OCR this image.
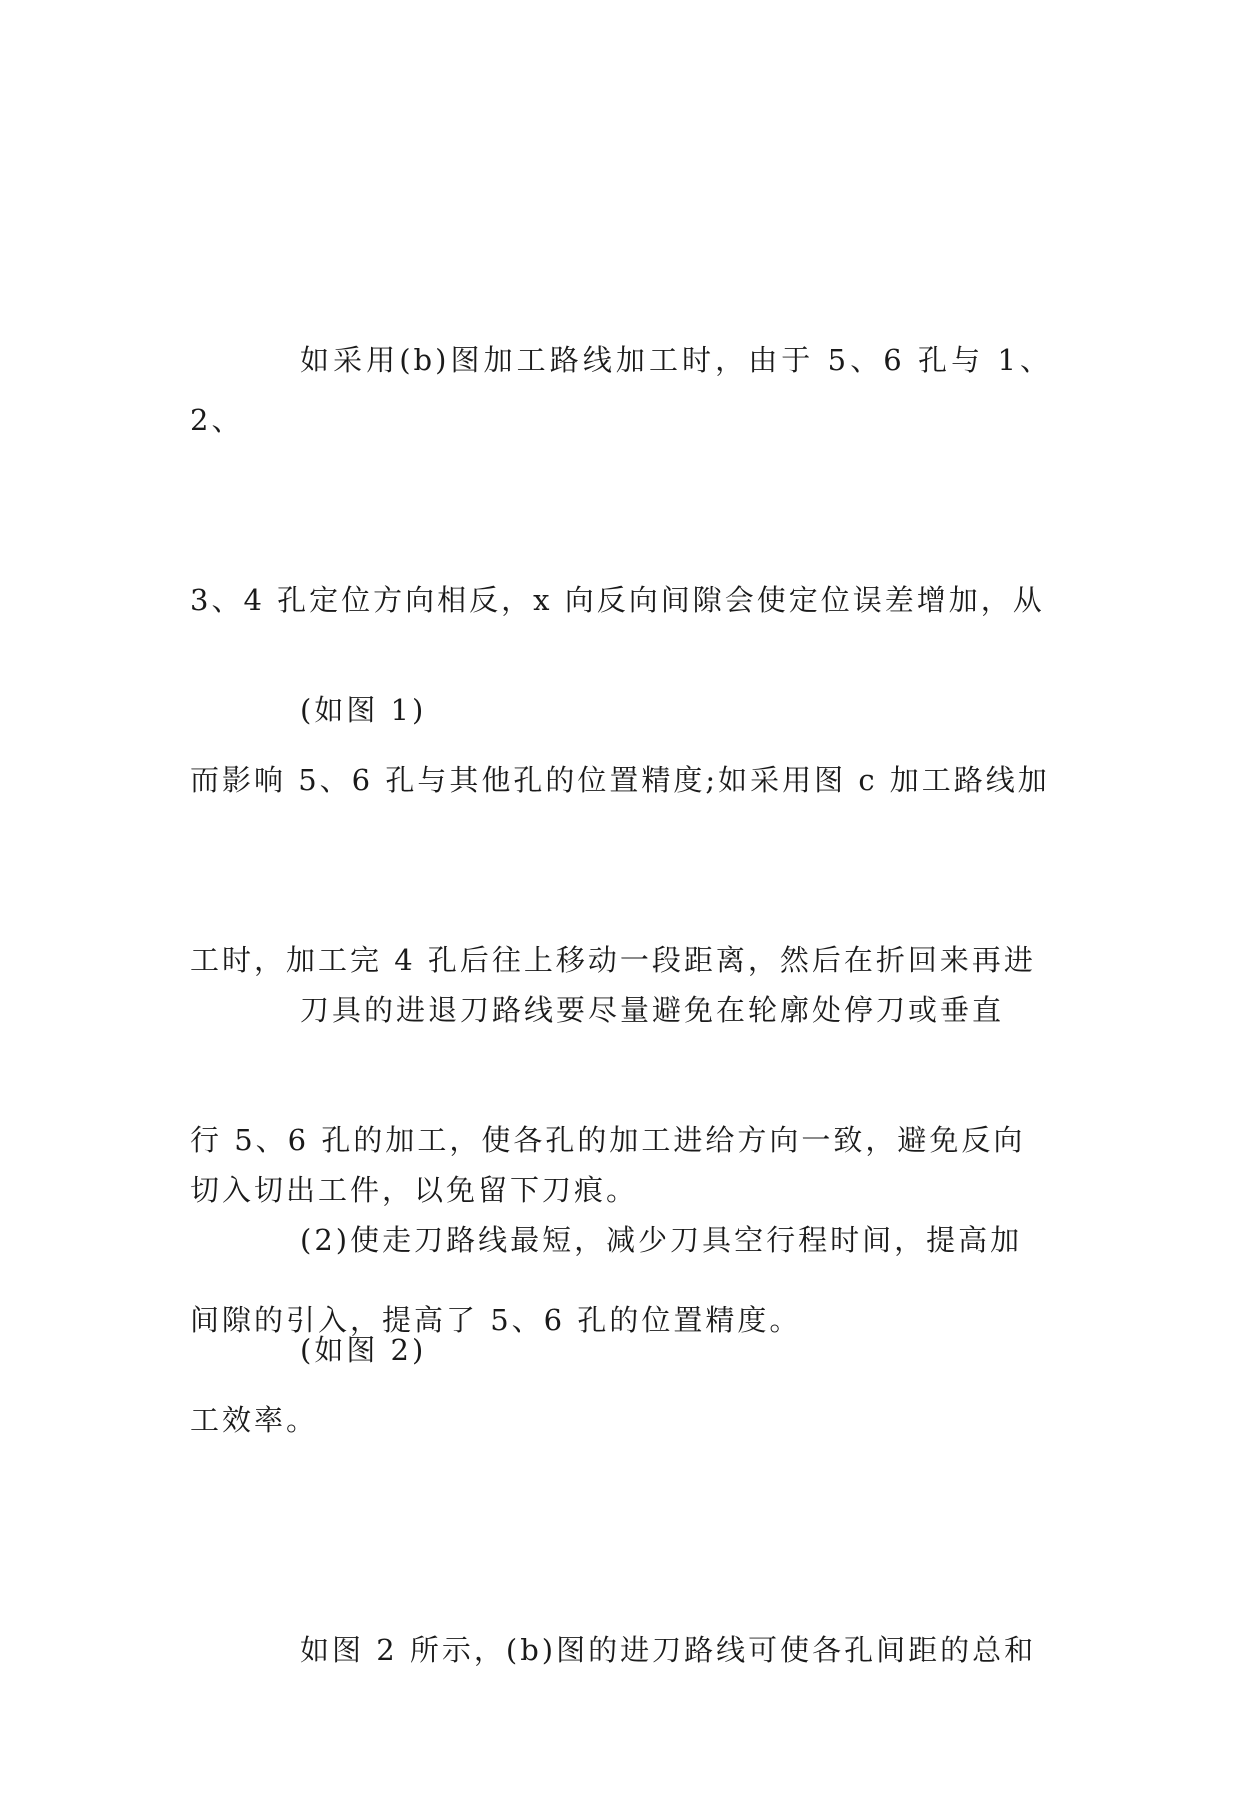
如采用(b)图加工路线加工时，由于 5、6 孔与 1、2、

3、4 孔定位方向相反，x 向反向间隙会使定位误差增加，从

而影响 5、6 孔与其他孔的位置精度;如采用图 c 加工路线加

工时，加工完 4 孔后往上移动一段距离，然后在折回来再进

行 5、6 孔的加工，使各孔的加工进给方向一致，避免反向

间隙的引入，提高了 5、6 孔的位置精度。

(如图 1)

刀具的进退刀路线要尽量避免在轮廓处停刀或垂直

切入切出工件，以免留下刀痕。

(2)使走刀路线最短，减少刀具空行程时间，提高加

工效率。

(如图 2)

如图 2 所示，(b)图的进刀路线可使各孔间距的总和
